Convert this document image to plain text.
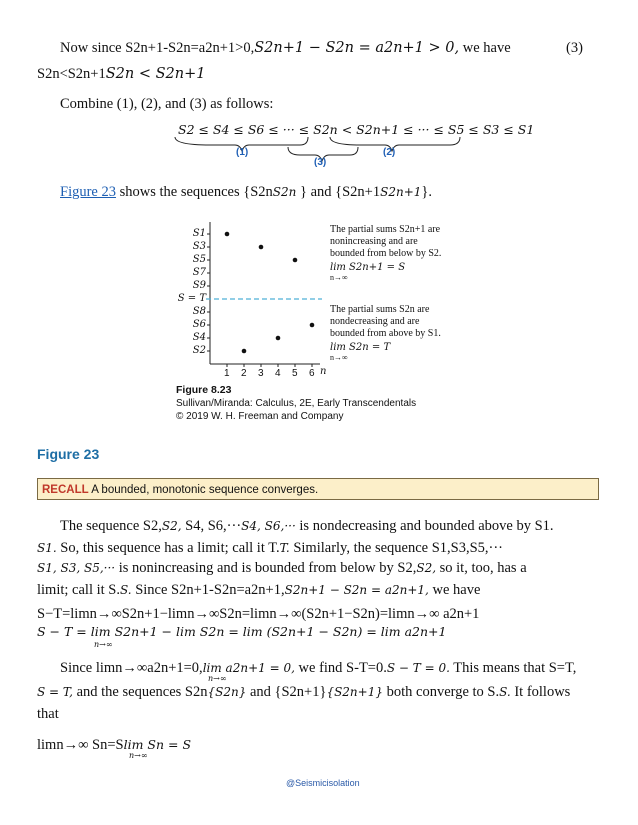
Now since S2n+1-S2n=a2n+1>0,S2n+1 − S2n = a2n+1 > 0, we have	(3)
S2n<S2n+1S2n < S2n+1
Combine (1), (2), and (3) as follows:
S2 ≤ S4 ≤ S6 ≤ ··· ≤ S2n < S2n+1 ≤ ··· ≤ S5 ≤ S3 ≤ S1
(1)
(3)
(2)
Figure 23 shows the sequences {S2nS2n } and {S2n+1S2n+1}.
S1
S3
S5
S7
S9
S = T
S8
S6
S4
S2
1 2 3 4 5 6 n
The partial sums S2n+1 are
nonincreasing and are
bounded from below by S2.
lim S2n+1 = S
n→∞
The partial sums S2n are
nondecreasing and are
bounded from above by S1.
lim S2n = T
n→∞
Figure 8.23
Sullivan/Miranda: Calculus, 2E, Early Transcendentals
© 2019 W. H. Freeman and Company
Figure 23
RECALL A bounded, monotonic sequence converges.
The sequence S2,S2, S4, S6,···S4, S6,··· is nondecreasing and bounded above by S1.
S1. So, this sequence has a limit; call it T.T. Similarly, the sequence S1,S3,S5,···
S1, S3, S5,··· is nonincreasing and is bounded from below by S2,S2, so it, too, has a
limit; call it S.S. Since S2n+1-S2n=a2n+1,S2n+1 − S2n = a2n+1, we have
S−T=limn→∞S2n+1−limn→∞S2n=limn→∞(S2n+1−S2n)=limn→∞ a2n+1
S − T = lim S2n+1 − lim S2n = lim (S2n+1 − S2n) = lim a2n+1
n→∞
Since limn→∞a2n+1=0,lim a2n+1 = 0, we find S-T=0.S − T = 0. This means that S=T,
n→∞
S = T, and the sequences S2n{S2n} and {S2n+1}{S2n+1} both converge to S.S. It follows
that
limn→∞ Sn=Slim Sn = S
n→∞
@Seismicisolation
